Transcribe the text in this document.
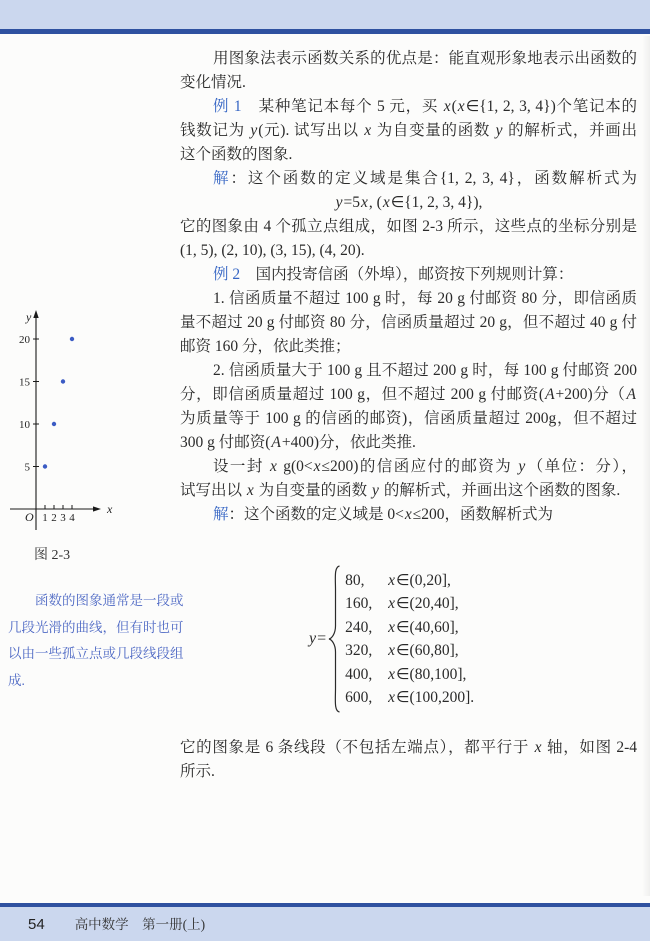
x
y
O
5
10
15
20
1 2 3 4
图 2-3
函数的图象通常是一段或
几段光滑的曲线，但有时也可
以由一些孤立点或几段线段组
成.
用图象法表示函数关系的优点是：能直观形象地表示出函数的
变化情况.
例 1　某种笔记本每个 5 元，买 x(x∈{1, 2, 3, 4})个笔记本的
钱数记为 y(元). 试写出以 x 为自变量的函数 y 的解析式，并画出
这个函数的图象.
解：这个函数的定义域是集合{1, 2, 3, 4}，函数解析式为
y=5x, (x∈{1, 2, 3, 4}),
它的图象由 4 个孤立点组成，如图 2-3 所示，这些点的坐标分别是
(1, 5), (2, 10), (3, 15), (4, 20).
例 2　国内投寄信函（外埠），邮资按下列规则计算：
1. 信函质量不超过 100 g 时，每 20 g 付邮资 80 分，即信函质
量不超过 20 g 付邮资 80 分，信函质量超过 20 g，但不超过 40 g 付
邮资 160 分，依此类推；
2. 信函质量大于 100 g 且不超过 200 g 时，每 100 g 付邮资 200
分，即信函质量超过 100 g，但不超过 200 g 付邮资(A+200)分（A
为质量等于 100 g 的信函的邮资)，信函质量超过 200g，但不超过
300 g 付邮资(A+400)分，依此类推.
设一封 x g(0<x≤200)的信函应付的邮资为 y（单位：分），
试写出以 x 为自变量的函数 y 的解析式，并画出这个函数的图象.
解：这个函数的定义域是 0<x≤200，函数解析式为
y=
80, x∈(0,20],
160, x∈(20,40],
240, x∈(40,60],
320, x∈(60,80],
400, x∈(80,100],
600, x∈(100,200].
它的图象是 6 条线段（不包括左端点），都平行于 x 轴，如图 2-4
所示.
54 高中数学　第一册(上)
